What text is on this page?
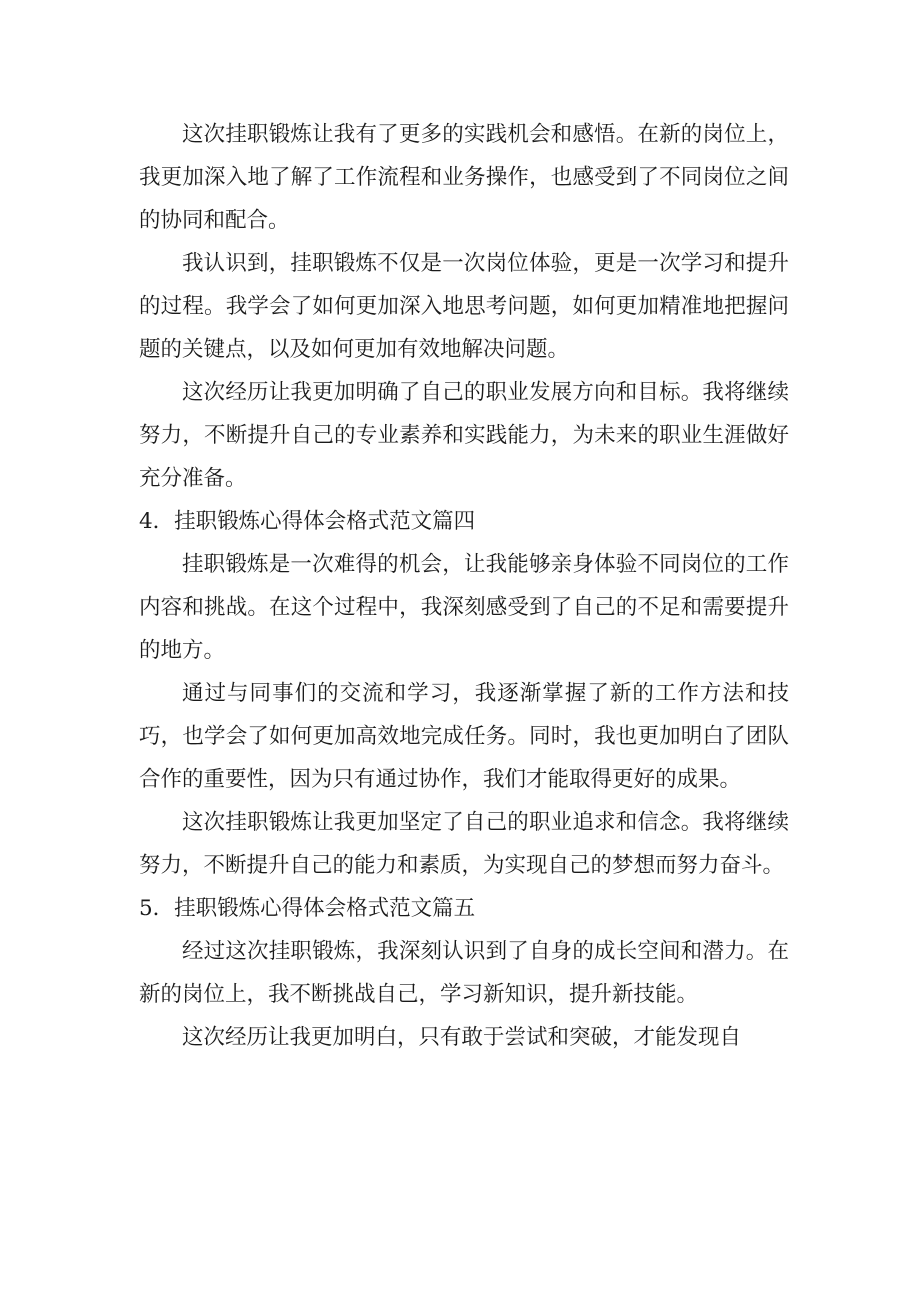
这次挂职锻炼让我有了更多的实践机会和感悟。在新的岗位上，我更加深入地了解了工作流程和业务操作，也感受到了不同岗位之间的协同和配合。

我认识到，挂职锻炼不仅是一次岗位体验，更是一次学习和提升的过程。我学会了如何更加深入地思考问题，如何更加精准地把握问题的关键点，以及如何更加有效地解决问题。

这次经历让我更加明确了自己的职业发展方向和目标。我将继续努力，不断提升自己的专业素养和实践能力，为未来的职业生涯做好充分准备。

4．挂职锻炼心得体会格式范文篇四

挂职锻炼是一次难得的机会，让我能够亲身体验不同岗位的工作内容和挑战。在这个过程中，我深刻感受到了自己的不足和需要提升的地方。

通过与同事们的交流和学习，我逐渐掌握了新的工作方法和技巧，也学会了如何更加高效地完成任务。同时，我也更加明白了团队合作的重要性，因为只有通过协作，我们才能取得更好的成果。

这次挂职锻炼让我更加坚定了自己的职业追求和信念。我将继续努力，不断提升自己的能力和素质，为实现自己的梦想而努力奋斗。

5．挂职锻炼心得体会格式范文篇五

经过这次挂职锻炼，我深刻认识到了自身的成长空间和潜力。在新的岗位上，我不断挑战自己，学习新知识，提升新技能。

这次经历让我更加明白，只有敢于尝试和突破，才能发现自
